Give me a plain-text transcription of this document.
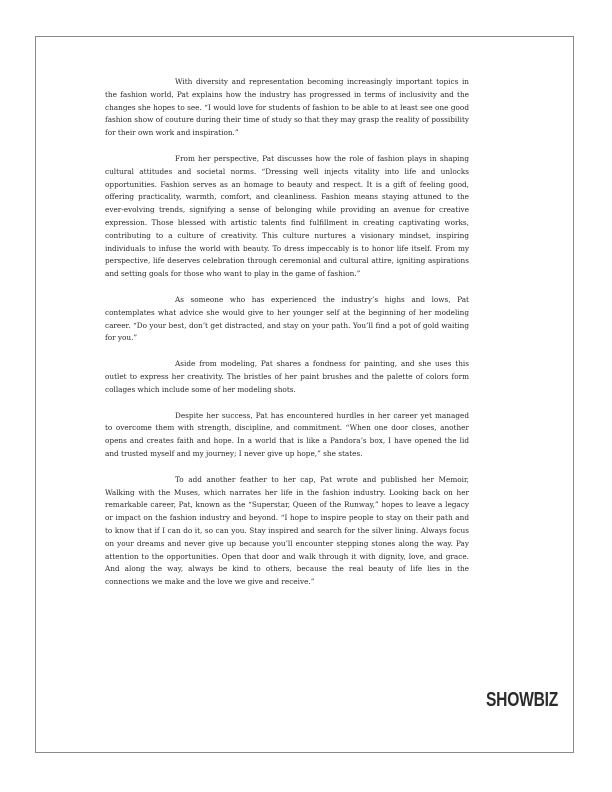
With diversity and representation becoming increasingly important topics in the fashion world, Pat explains how the industry has progressed in terms of inclusivity and the changes she hopes to see. “I would love for students of fashion to be able to at least see one good fashion show of couture during their time of study so that they may grasp the reality of possibility for their own work and inspiration.”

From her perspective, Pat discusses how the role of fashion plays in shaping cultural attitudes and societal norms. “Dressing well injects vitality into life and unlocks opportunities. Fashion serves as an homage to beauty and respect. It is a gift of feeling good, offering practicality, warmth, comfort, and cleanliness. Fashion means staying attuned to the ever-evolving trends, signifying a sense of belonging while providing an avenue for creative expression. Those blessed with artistic talents find fulfillment in creating captivating works, contributing to a culture of creativity. This culture nurtures a visionary mindset, inspiring individuals to infuse the world with beauty. To dress impeccably is to honor life itself. From my perspective, life deserves celebration through ceremonial and cultural attire, igniting aspirations and setting goals for those who want to play in the game of fashion.”

As someone who has experienced the industry’s highs and lows, Pat contemplates what advice she would give to her younger self at the beginning of her modeling career. “Do your best, don’t get distracted, and stay on your path. You’ll find a pot of gold waiting for you.”

Aside from modeling, Pat shares a fondness for painting, and she uses this outlet to express her creativity. The bristles of her paint brushes and the palette of colors form collages which include some of her modeling shots.

Despite her success, Pat has encountered hurdles in her career yet managed to overcome them with strength, discipline, and commitment. “When one door closes, another opens and creates faith and hope. In a world that is like a Pandora’s box, I have opened the lid and trusted myself and my journey; I never give up hope,” she states.

To add another feather to her cap, Pat wrote and published her Memoir, Walking with the Muses, which narrates her life in the fashion industry. Looking back on her remarkable career, Pat, known as the “Superstar, Queen of the Runway,” hopes to leave a legacy or impact on the fashion industry and beyond. “I hope to inspire people to stay on their path and to know that if I can do it, so can you. Stay inspired and search for the silver lining. Always focus on your dreams and never give up because you’ll encounter stepping stones along the way. Pay attention to the opportunities. Open that door and walk through it with dignity, love, and grace. And along the way, always be kind to others, because the real beauty of life lies in the connections we make and the love we give and receive.”

SHOWBIZ
